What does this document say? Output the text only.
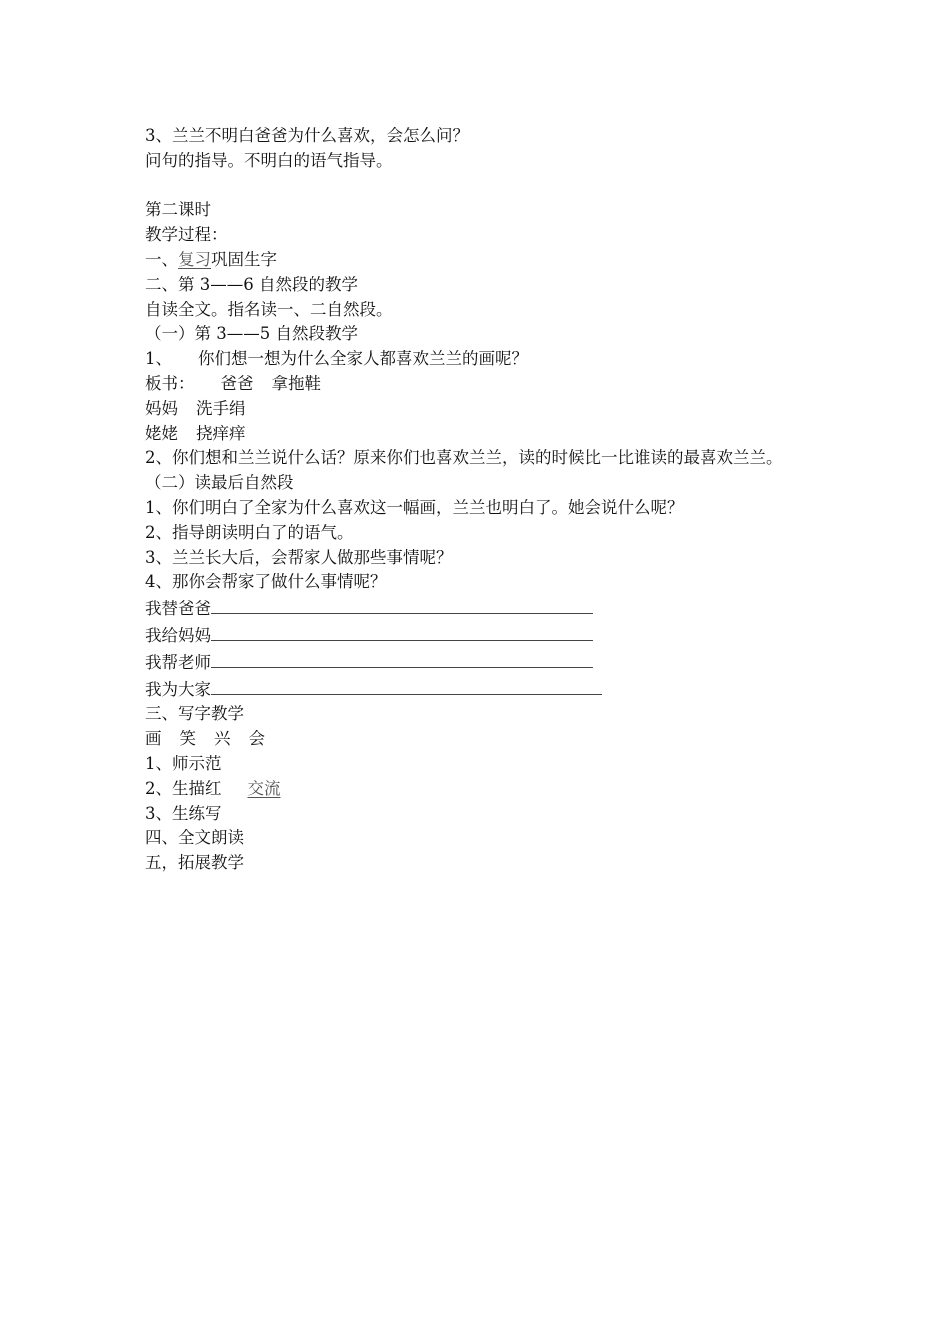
3、兰兰不明白爸爸为什么喜欢，会怎么问？
问句的指导。不明白的语气指导。
第二课时
教学过程：
一、复习巩固生字
二、第 3——6 自然段的教学
自读全文。指名读一、二自然段。
（一）第 3——5 自然段教学
1、 你们想一想为什么全家人都喜欢兰兰的画呢？
板书： 爸爸 拿拖鞋
妈妈 洗手绢
姥姥 挠痒痒
2、你们想和兰兰说什么话？原来你们也喜欢兰兰，读的时候比一比谁读的最喜欢兰兰。
（二）读最后自然段
1、你们明白了全家为什么喜欢这一幅画，兰兰也明白了。她会说什么呢？
2、指导朗读明白了的语气。
3、兰兰长大后，会帮家人做那些事情呢？
4、那你会帮家了做什么事情呢？
我替爸爸
我给妈妈
我帮老师
我为大家
三、写字教学
画 笑 兴 会
1、师示范
2、生描红 交流
3、生练写
四、全文朗读
五，拓展教学
